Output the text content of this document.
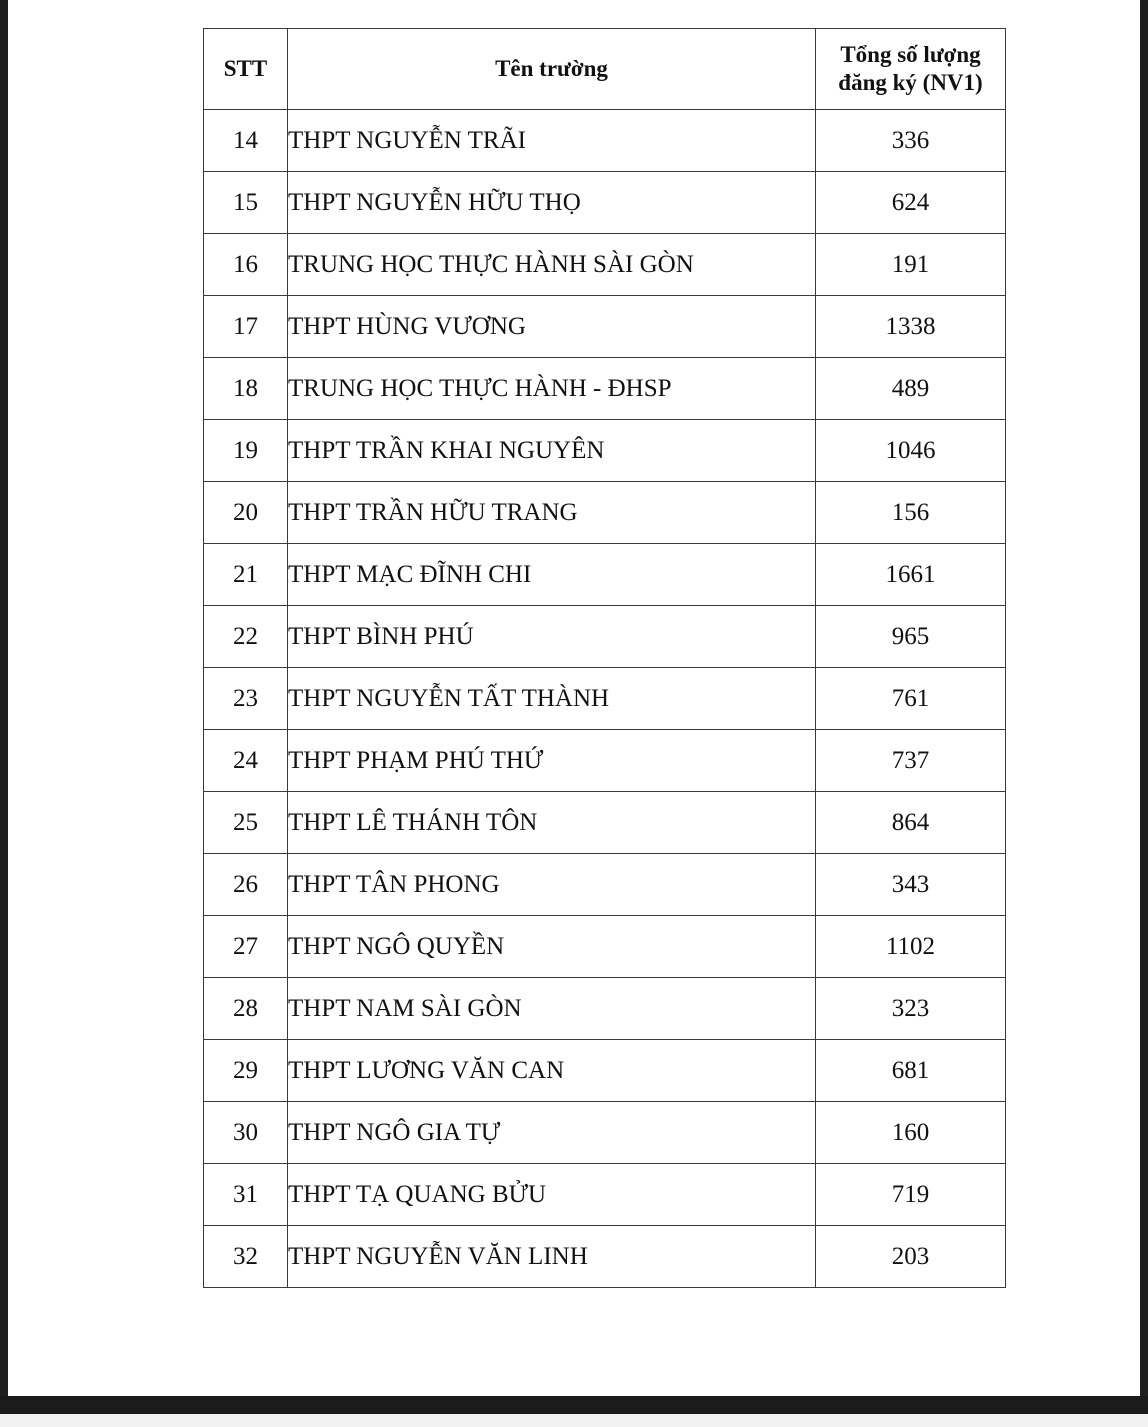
STT	Tên trường	Tổng số lượng
đăng ký (NV1)
14	THPT NGUYỄN TRÃI	336
15	THPT NGUYỄN HỮU THỌ	624
16	TRUNG HỌC THỰC HÀNH SÀI GÒN	191
17	THPT HÙNG VƯƠNG	1338
18	TRUNG HỌC THỰC HÀNH - ĐHSP	489
19	THPT TRẦN KHAI NGUYÊN	1046
20	THPT TRẦN HỮU TRANG	156
21	THPT MẠC ĐĨNH CHI	1661
22	THPT BÌNH PHÚ	965
23	THPT NGUYỄN TẤT THÀNH	761
24	THPT PHẠM PHÚ THỨ	737
25	THPT LÊ THÁNH TÔN	864
26	THPT TÂN PHONG	343
27	THPT NGÔ QUYỀN	1102
28	THPT NAM SÀI GÒN	323
29	THPT LƯƠNG VĂN CAN	681
30	THPT NGÔ GIA TỰ	160
31	THPT TẠ QUANG BỬU	719
32	THPT NGUYỄN VĂN LINH	203
